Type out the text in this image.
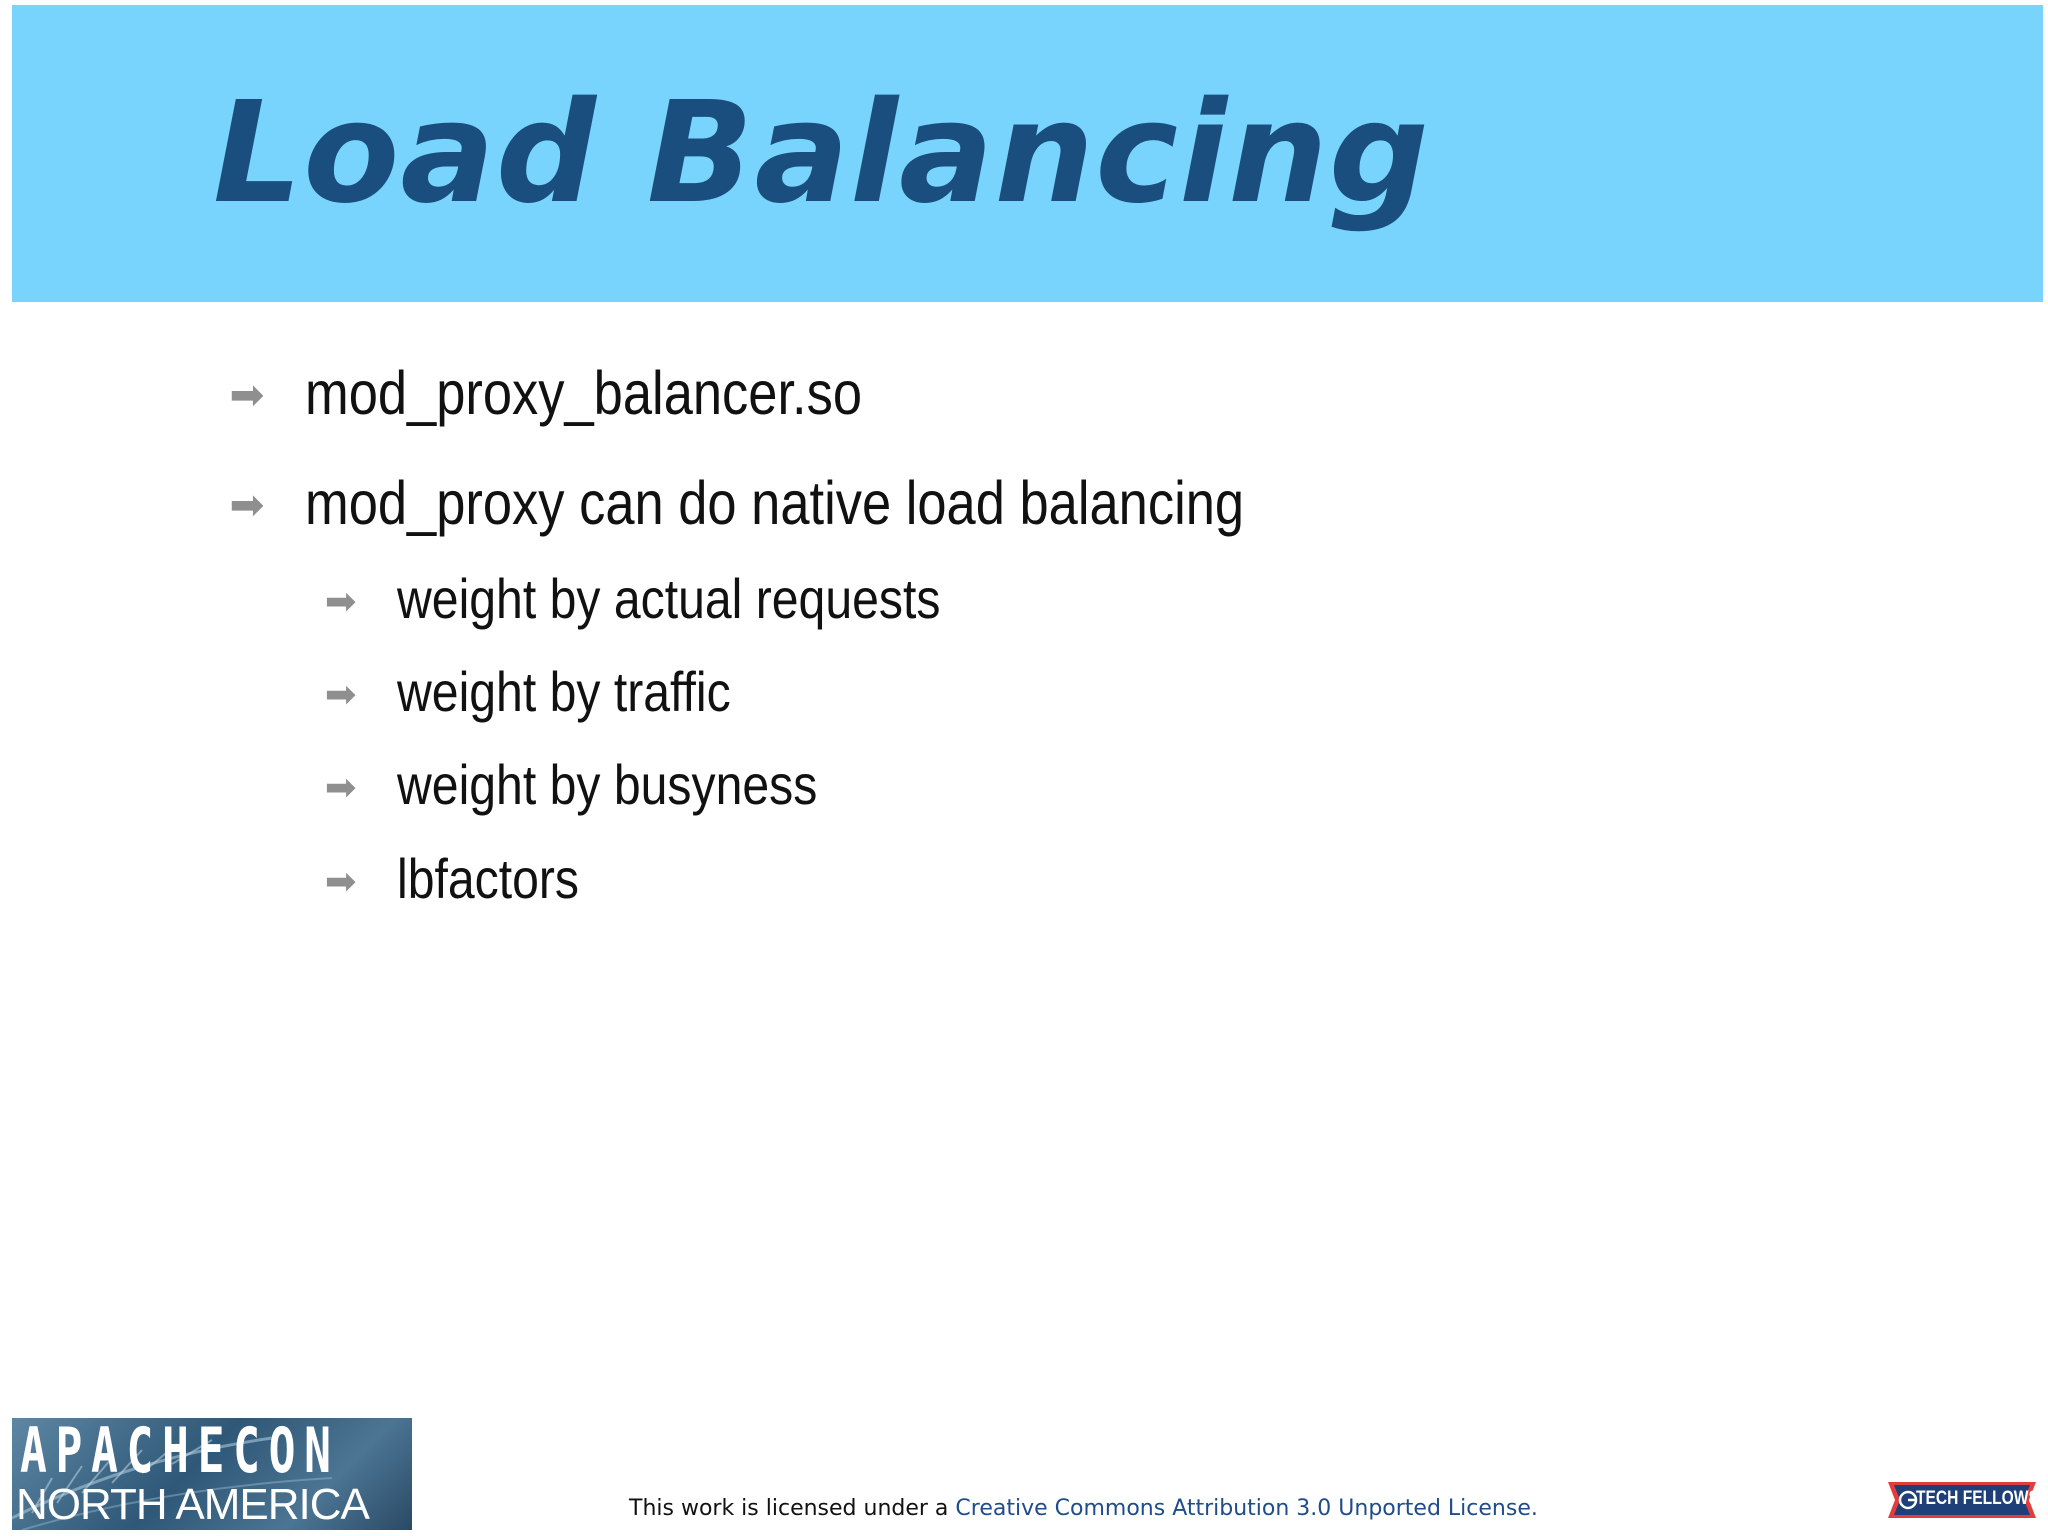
Load Balancing
➡ mod_proxy_balancer.so
➡ mod_proxy can do native load balancing
➡ weight by actual requests
➡ weight by traffic
➡ weight by busyness
➡ lbfactors
APACHECON
NORTH AMERICA	This work is licensed under a Creative Commons Attribution 3.0 Unported License.	TECH FELLOWS
